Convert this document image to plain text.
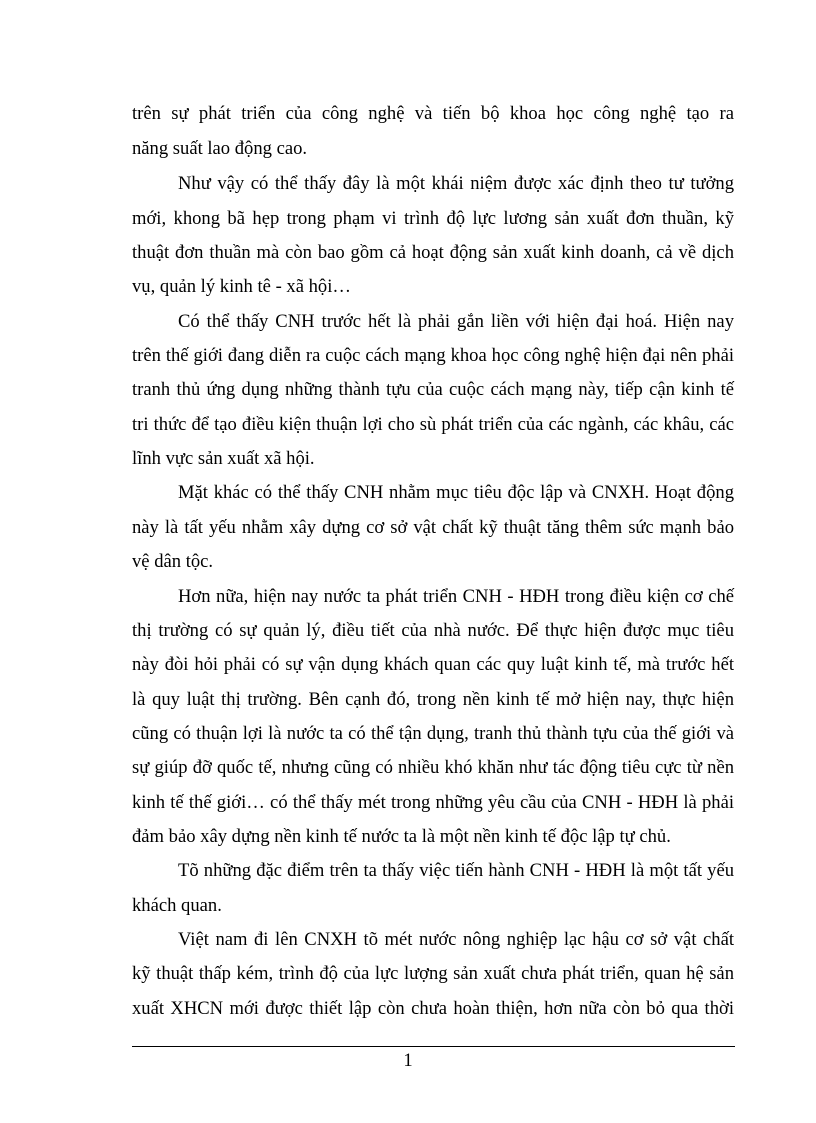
trên sự phát triển của công nghệ và tiến bộ khoa học công nghệ tạo ra
năng suất lao động cao.
Như vậy có thể thấy đây là một khái niệm được xác định theo tư tưởng
mới, khong bã hẹp trong phạm vi trình độ lực lương sản xuất đơn thuần, kỹ
thuật đơn thuần mà còn bao gồm cả hoạt động sản xuất kinh doanh, cả về dịch
vụ, quản lý kinh tê - xã hội…
Có thể thấy CNH trước hết là phải gắn liền với hiện đại hoá. Hiện nay
trên thế giới đang diễn ra cuộc cách mạng khoa học công nghệ hiện đại nên phải
tranh thủ ứng dụng những thành tựu của cuộc cách mạng này, tiếp cận kinh tế
tri thức để tạo điều kiện thuận lợi cho sù phát triển của các ngành, các khâu, các
lĩnh vực sản xuất xã hội.
Mặt khác có thể thấy CNH nhằm mục tiêu độc lập và CNXH. Hoạt động
này là tất yếu nhằm xây dựng cơ sở vật chất kỹ thuật tăng thêm sức mạnh bảo
vệ dân tộc.
Hơn nữa, hiện nay nước ta phát triển CNH - HĐH trong điều kiện cơ chế
thị trường có sự quản lý, điều tiết của nhà nước. Để thực hiện được mục tiêu
này đòi hỏi phải có sự vận dụng khách quan các quy luật kinh tế, mà trước hết
là quy luật thị trường. Bên cạnh đó, trong nền kinh tế mở hiện nay, thực hiện
cũng có thuận lợi là nước ta có thể tận dụng, tranh thủ thành tựu của thế giới và
sự giúp đỡ quốc tế, nhưng cũng có nhiều khó khăn như tác động tiêu cực từ nền
kinh tế thế giới… có thể thấy mét trong những yêu cầu của CNH - HĐH là phải
đảm bảo xây dựng nền kinh tế nước ta là một nền kinh tế độc lập tự chủ.
Tõ những đặc điểm trên ta thấy việc tiến hành CNH - HĐH là một tất yếu
khách quan.
Việt nam đi lên CNXH tõ mét nước nông nghiệp lạc hậu cơ sở vật chất
kỹ thuật thấp kém, trình độ của lực lượng sản xuất chưa phát triển, quan hệ sản
xuất XHCN mới được thiết lập còn chưa hoàn thiện, hơn nữa còn bỏ qua thời
1
